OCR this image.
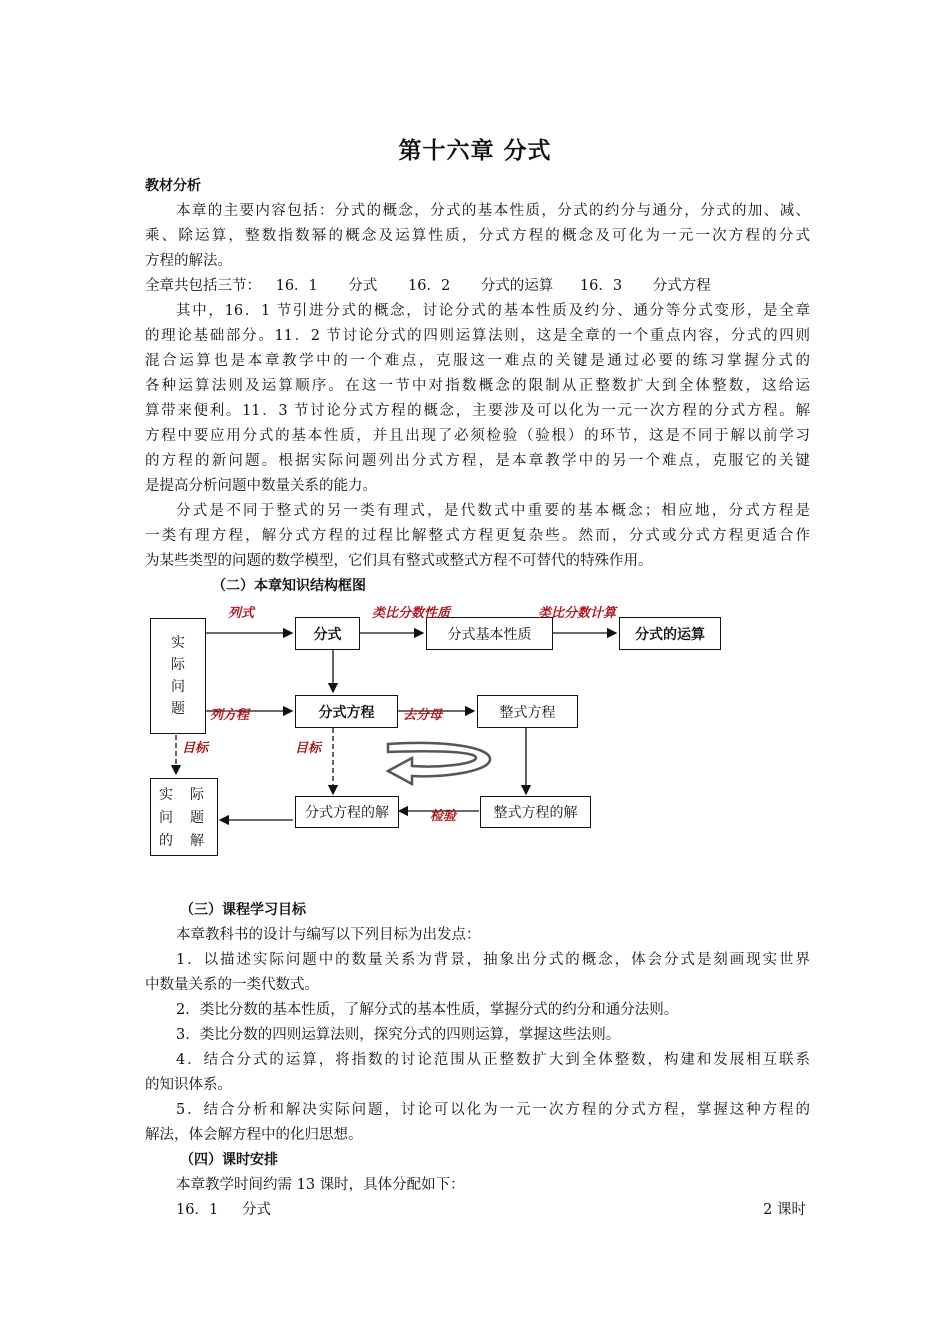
第十六章 分式
教材分析
本章的主要内容包括：分式的概念，分式的基本性质，分式的约分与通分，分式的加、减、
乘、除运算，整数指数幂的概念及运算性质，分式方程的概念及可化为一元一次方程的分式
方程的解法。
全章共包括三节： 16．1 分式 16．2 分式的运算 16．3 分式方程
其中，16．1 节引进分式的概念，讨论分式的基本性质及约分、通分等分式变形，是全章
的理论基础部分。11．2 节讨论分式的四则运算法则，这是全章的一个重点内容，分式的四则
混合运算也是本章教学中的一个难点，克服这一难点的关键是通过必要的练习掌握分式的
各种运算法则及运算顺序。在这一节中对指数概念的限制从正整数扩大到全体整数，这给运
算带来便利。11．3 节讨论分式方程的概念，主要涉及可以化为一元一次方程的分式方程。解
方程中要应用分式的基本性质，并且出现了必须检验（验根）的环节，这是不同于解以前学习
的方程的新问题。根据实际问题列出分式方程，是本章教学中的另一个难点，克服它的关键
是提高分析问题中数量关系的能力。
分式是不同于整式的另一类有理式，是代数式中重要的基本概念；相应地，分式方程是
一类有理方程，解分式方程的过程比解整式方程更复杂些。然而，分式或分式方程更适合作
为某些类型的问题的数学模型，它们具有整式或整式方程不可替代的特殊作用。
（二）本章知识结构框图
实
际
问
题
分式	分式基本性质	分式的运算
分式方程	整式方程
实	际
问	题
的	解
分式方程的解	整式方程的解
列式	类比分数性质	类比分数计算
列方程	去分母
目标	目标
检验
（三）课程学习目标
本章教科书的设计与编写以下列目标为出发点：
1．以描述实际问题中的数量关系为背景，抽象出分式的概念，体会分式是刻画现实世界
中数量关系的一类代数式。
2．类比分数的基本性质，了解分式的基本性质，掌握分式的约分和通分法则。
3．类比分数的四则运算法则，探究分式的四则运算，掌握这些法则。
4．结合分式的运算，将指数的讨论范围从正整数扩大到全体整数，构建和发展相互联系
的知识体系。
5．结合分析和解决实际问题，讨论可以化为一元一次方程的分式方程，掌握这种方程的
解法，体会解方程中的化归思想。
（四）课时安排
本章教学时间约需 13 课时，具体分配如下：
16．1 分式	2 课时
